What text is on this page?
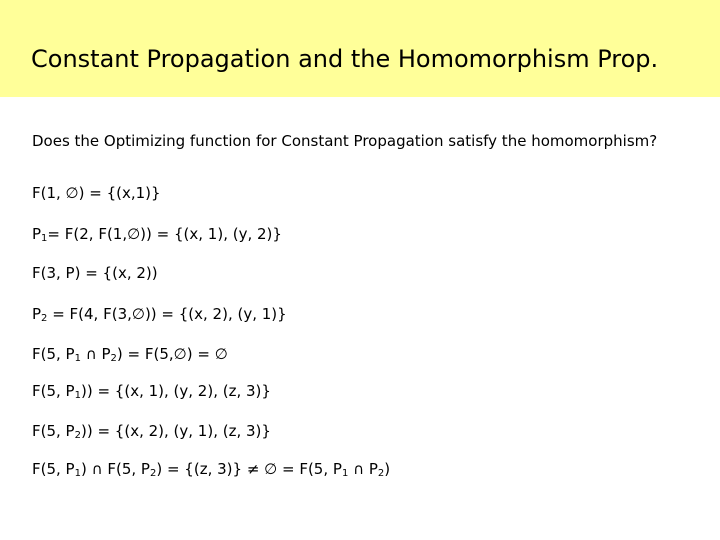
Constant Propagation and the Homomorphism Prop.
Does the Optimizing function for Constant Propagation satisfy the homomorphism?
F(1, ∅) = {(x,1)}
$P_1= F(2$, F(1,∅)) = {(x, 1), (y, 2)}
F(3, P) = {(x, 2))
$P_2 = F(4$, F(3,∅)) = {(x, 2), (y, 1)}
F(5, $P_1$ ∩ $P_2$) = F(5,∅) = ∅
F(5, $P_1)) = \{(x$, 1), (y, 2), (z, 3)}
F(5, $P_2)) = \{(x$, 2), (y, 1), (z, 3)}
F(5, $P_1$) ∩ F(5, $P_2) = \{(z$, 3)} ≠ ∅ = F(5, $P_1$ ∩ $P_2$)
